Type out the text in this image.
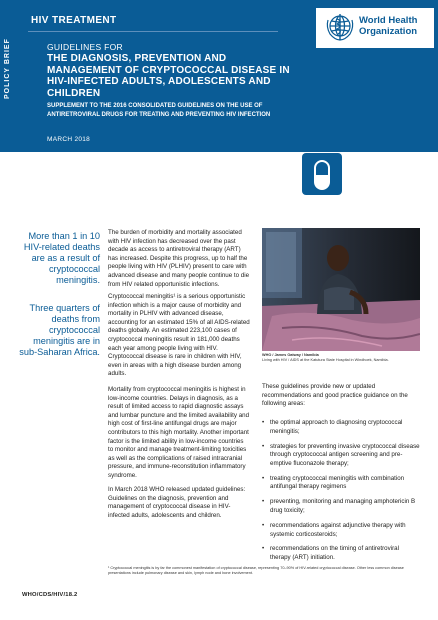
POLICY BRIEF
HIV TREATMENT	World Health Organization
GUIDELINES FOR
THE DIAGNOSIS, PREVENTION AND MANAGEMENT OF CRYPTOCOCCAL DISEASE IN HIV-INFECTED ADULTS, ADOLESCENTS AND CHILDREN
SUPPLEMENT TO THE 2016 CONSOLIDATED GUIDELINES ON THE USE OF ANTIRETROVIRAL DRUGS FOR TREATING AND PREVENTING HIV INFECTION
MARCH 2018
More than 1 in 10 HIV-related deaths are as a result of cryptococcal meningitis.
Three quarters of deaths from cryptococcal meningitis are in sub-Saharan Africa.

The burden of morbidity and mortality associated with HIV infection has decreased over the past decade as access to antiretroviral therapy (ART) has increased. Despite this progress, up to half the people living with HIV (PLHIV) present to care with advanced disease and many people continue to die from HIV related opportunistic infections.

Cryptococcal meningitis¹ is a serious opportunistic infection which is a major cause of morbidity and mortality in PLHIV with advanced disease, accounting for an estimated 15% of all AIDS-related deaths globally. An estimated 223,100 cases of cryptococcal meningitis result in 181,000 deaths each year among people living with HIV. Cryptococcal disease is rare in children with HIV, even in areas with a high disease burden among adults.

Mortality from cryptococcal meningitis is highest in low-income countries. Delays in diagnosis, as a result of limited access to rapid diagnostic assays and lumbar puncture and the limited availability and high cost of first-line antifungal drugs are major contributors to this high mortality. Another important factor is the limited ability in low-income countries to monitor and manage treatment-limiting toxicities as well as the complications of raised intracranial pressure, and immune-reconstitution inflammatory syndrome.

In March 2018 WHO released updated guidelines: Guidelines on the diagnosis, prevention and management of cryptococcal disease in HIV-infected adults, adolescents and children.

WHO / James Oatway / Namibia
Living with HIV / AIDS at the Katutura State Hospital in Windhoek, Namibia.

These guidelines provide new or updated recommendations and good practice guidance on the following areas:

• the optimal approach to diagnosing cryptococcal meningitis;
• strategies for preventing invasive cryptococcal disease through cryptococcal antigen screening and pre-emptive fluconazole therapy;
• treating cryptococcal meningitis with combination antifungal therapy regimens
• preventing, monitoring and managing amphotericin B drug toxicity;
• recommendations against adjunctive therapy with systemic corticosteroids;
• recommendations on the timing of antiretroviral therapy (ART) initiation.

¹ Cryptococcal meningitis is by far the commonest manifestation of cryptococcal disease, representing 70–90% of HIV-related cryptococcal disease. Other less common disease presentations include pulmonary disease and skin, lymph node and bone involvement.

WHO/CDS/HIV/18.2
